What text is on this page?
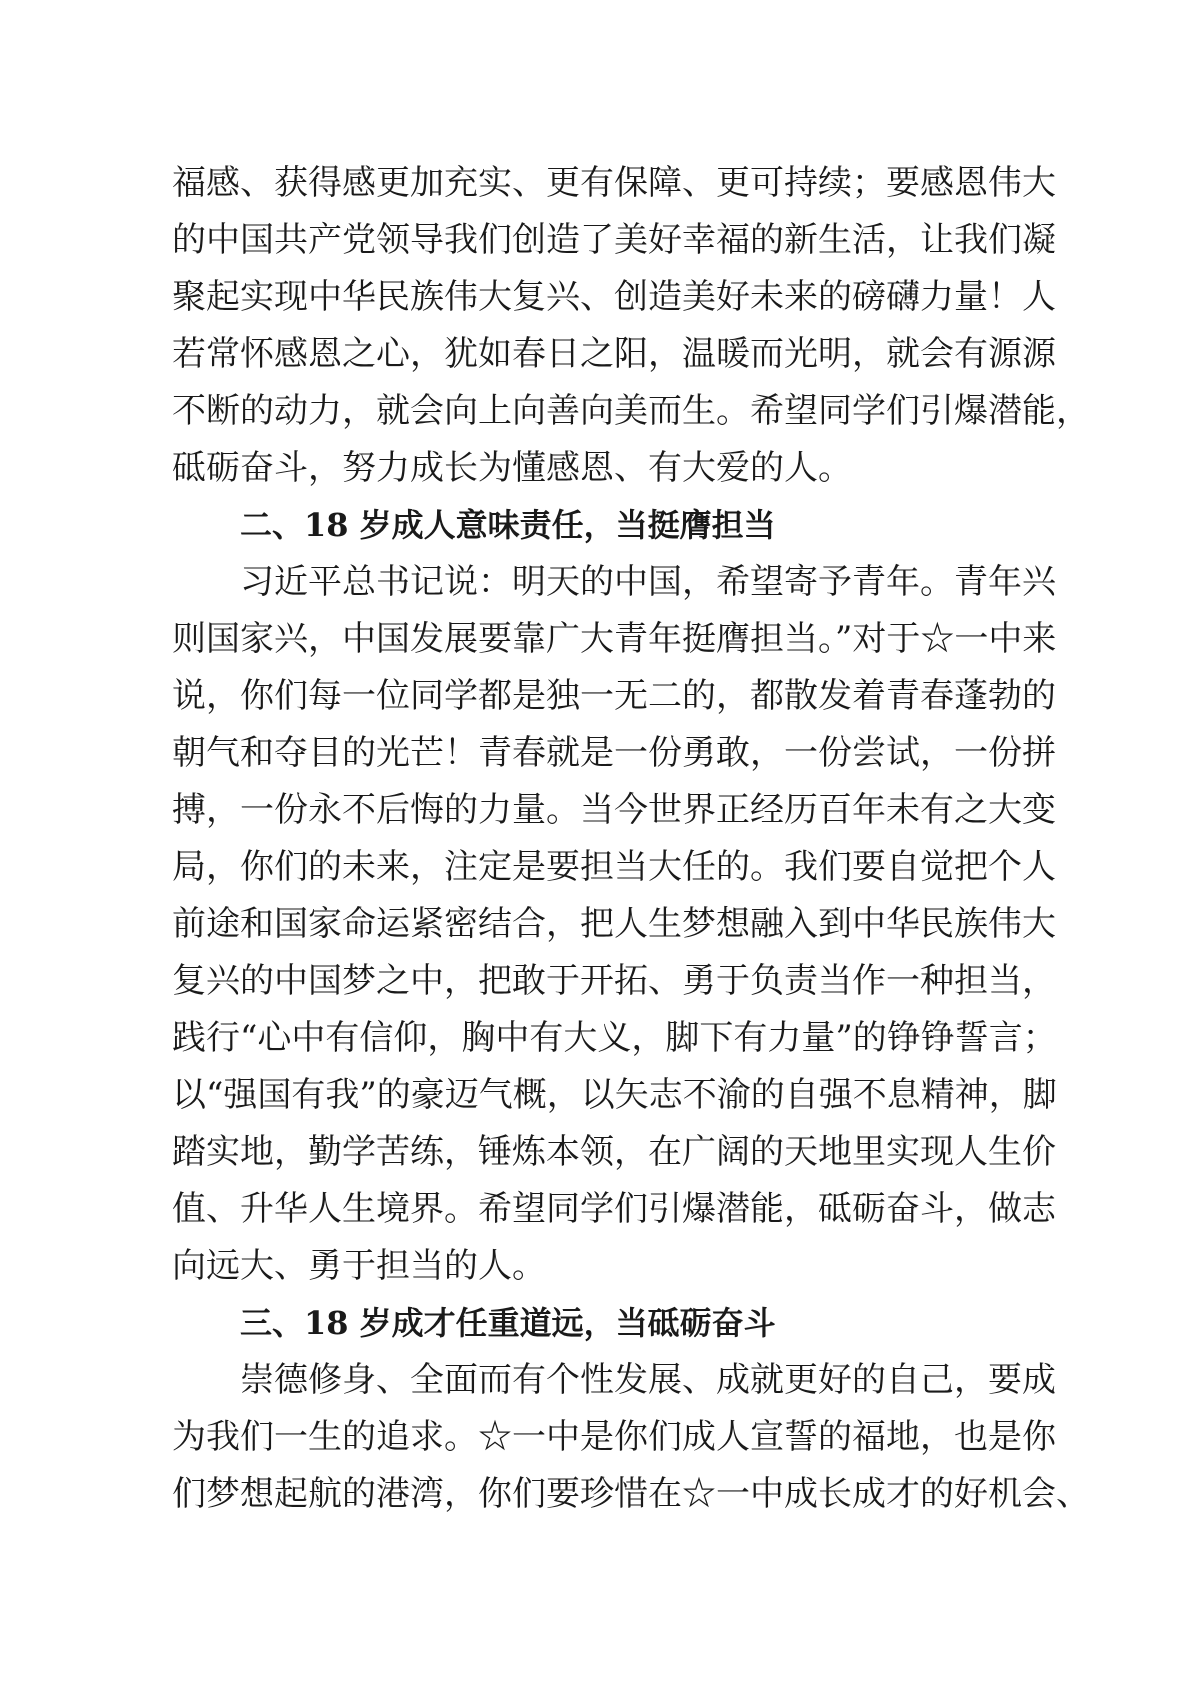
福感、获得感更加充实、更有保障、更可持续；要感恩伟大
的中国共产党领导我们创造了美好幸福的新生活，让我们凝
聚起实现中华民族伟大复兴、创造美好未来的磅礴力量！人
若常怀感恩之心，犹如春日之阳，温暖而光明，就会有源源
不断的动力，就会向上向善向美而生。希望同学们引爆潜能，
砥砺奋斗，努力成长为懂感恩、有大爱的人。
二、18 岁成人意味责任，当挺膺担当
习近平总书记说：明天的中国，希望寄予青年。青年兴
则国家兴，中国发展要靠广大青年挺膺担当。”对于☆一中来
说，你们每一位同学都是独一无二的，都散发着青春蓬勃的
朝气和夺目的光芒！青春就是一份勇敢，一份尝试，一份拼
搏，一份永不后悔的力量。当今世界正经历百年未有之大变
局，你们的未来，注定是要担当大任的。我们要自觉把个人
前途和国家命运紧密结合，把人生梦想融入到中华民族伟大
复兴的中国梦之中，把敢于开拓、勇于负责当作一种担当，
践行“心中有信仰，胸中有大义，脚下有力量”的铮铮誓言；
以“强国有我”的豪迈气概，以矢志不渝的自强不息精神，脚
踏实地，勤学苦练，锤炼本领，在广阔的天地里实现人生价
值、升华人生境界。希望同学们引爆潜能，砥砺奋斗，做志
向远大、勇于担当的人。
三、18 岁成才任重道远，当砥砺奋斗
崇德修身、全面而有个性发展、成就更好的自己，要成
为我们一生的追求。☆一中是你们成人宣誓的福地，也是你
们梦想起航的港湾，你们要珍惜在☆一中成长成才的好机会、
